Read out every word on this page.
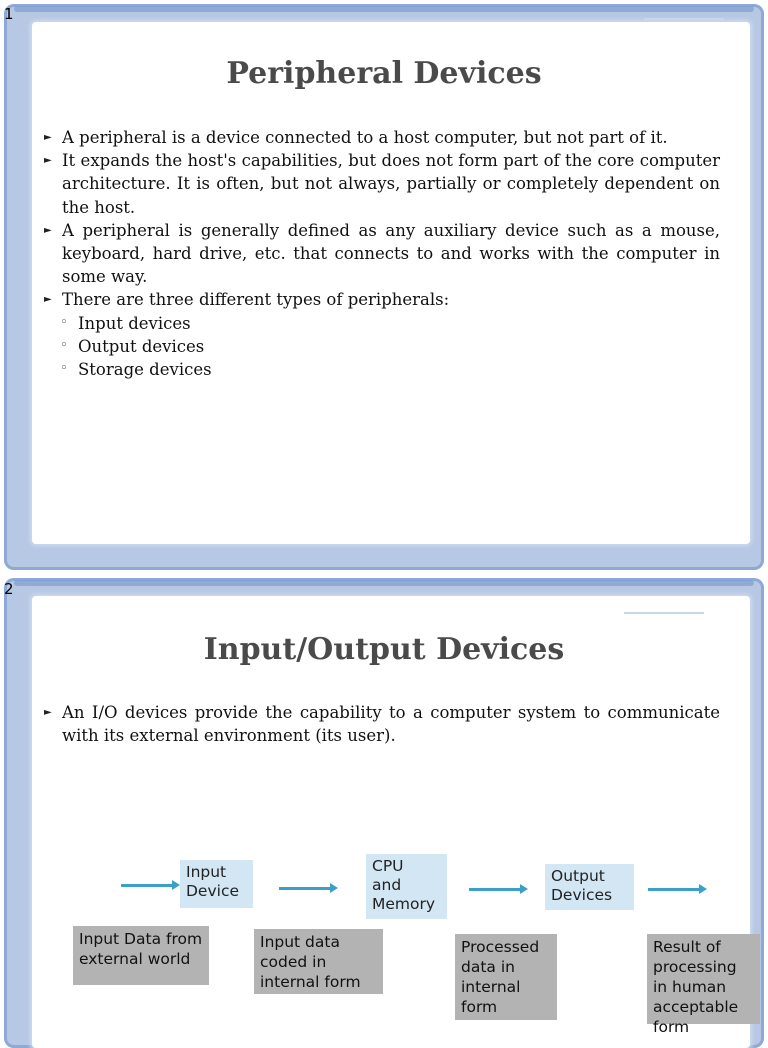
1
Peripheral Devices
► A peripheral is a device connected to a host computer, but not part of it.
► It expands the host's capabilities, but does not form part of the core computer architecture. It is often, but not always, partially or completely dependent on the host.
► A peripheral is generally defined as any auxiliary device such as a mouse, keyboard, hard drive, etc. that connects to and works with the computer in some way.
► There are three different types of peripherals:
◦ Input devices
◦ Output devices
◦ Storage devices
2
Input/Output Devices
► An I/O devices provide the capability to a computer system to communicate with its external environment (its user).
Input
Device
CPU
and
Memory
Output
Devices
Input Data from external world
Input data coded in internal form
Processed data in internal form
Result of processing in human acceptable form
